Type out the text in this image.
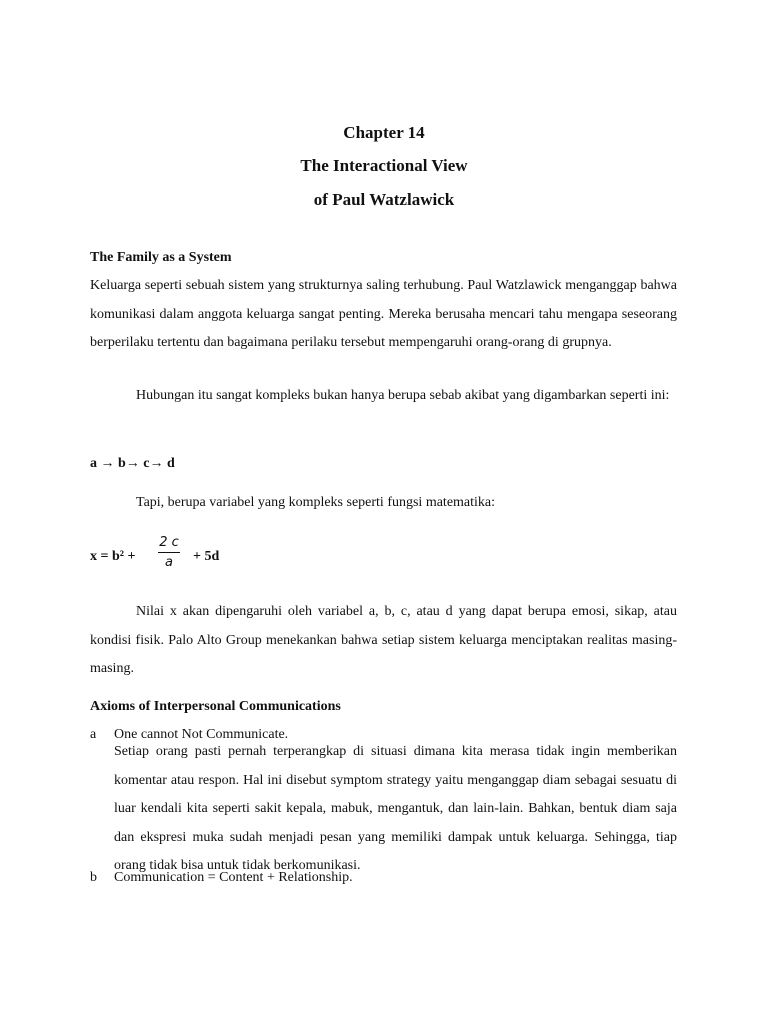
Chapter 14
The Interactional View
of Paul Watzlawick
The Family as a System
Keluarga seperti sebuah sistem yang strukturnya saling terhubung. Paul Watzlawick menganggap bahwa komunikasi dalam anggota keluarga sangat penting. Mereka berusaha mencari tahu mengapa seseorang berperilaku tertentu dan bagaimana perilaku tersebut mempengaruhi orang-orang di grupnya.
Hubungan itu sangat kompleks bukan hanya berupa sebab akibat yang digambarkan seperti ini:
a → b→ c→ d
Tapi, berupa variabel yang kompleks seperti fungsi matematika:
x = b² +
2 c
a	+ 5d
Nilai x akan dipengaruhi oleh variabel a, b, c, atau d yang dapat berupa emosi, sikap, atau kondisi fisik. Palo Alto Group menekankan bahwa setiap sistem keluarga menciptakan realitas masing-masing.
Axioms of Interpersonal Communications
a One cannot Not Communicate.
Setiap orang pasti pernah terperangkap di situasi dimana kita merasa tidak ingin memberikan komentar atau respon. Hal ini disebut symptom strategy yaitu menganggap diam sebagai sesuatu di luar kendali kita seperti sakit kepala, mabuk, mengantuk, dan lain-lain. Bahkan, bentuk diam saja dan ekspresi muka sudah menjadi pesan yang memiliki dampak untuk keluarga. Sehingga, tiap orang tidak bisa untuk tidak berkomunikasi.
b Communication = Content + Relationship.
